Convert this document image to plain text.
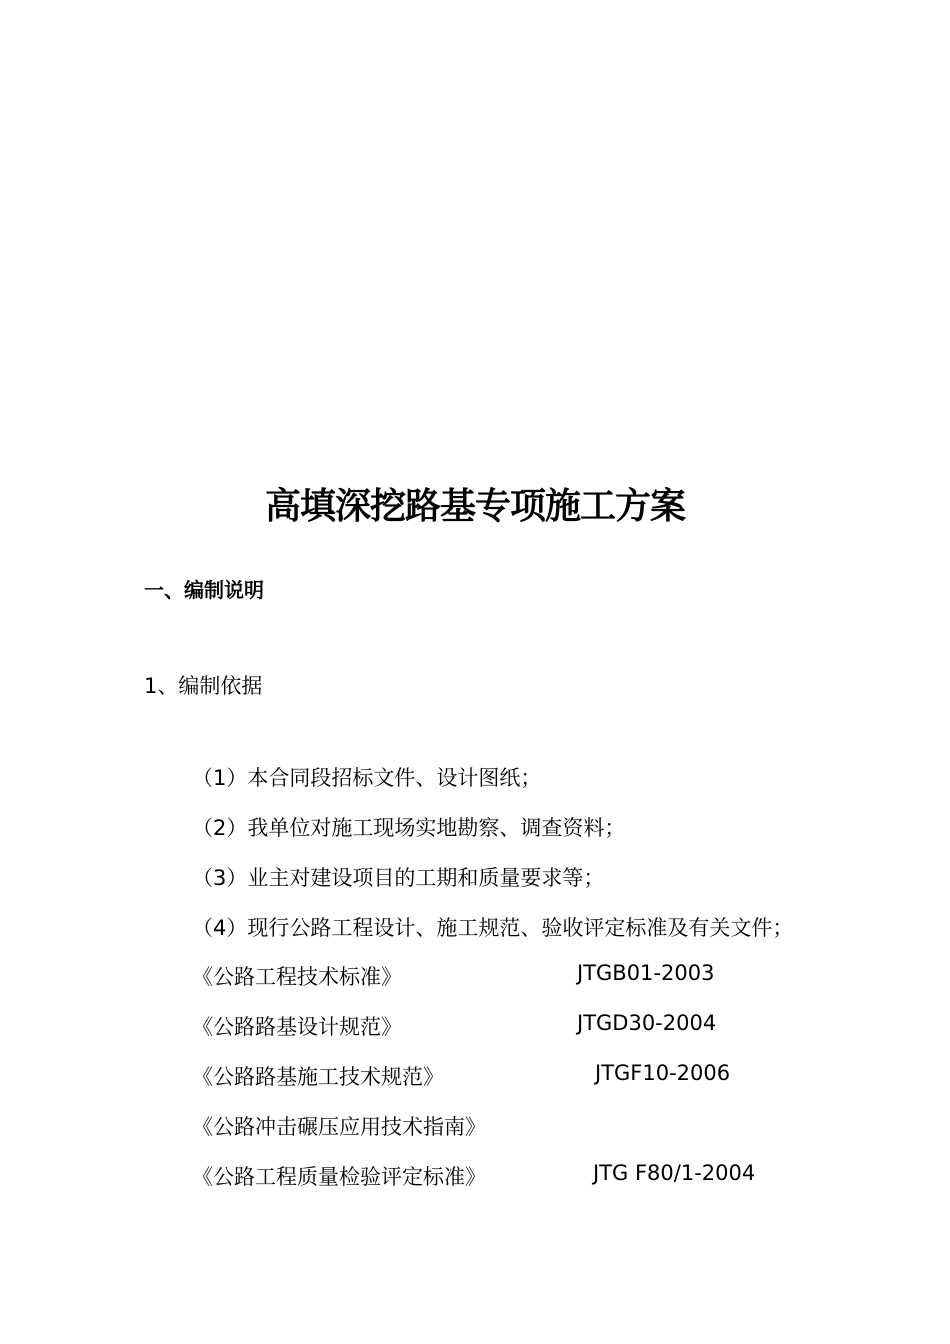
高填深挖路基专项施工方案
一、编制说明
1、编制依据
（1）本合同段招标文件、设计图纸；
（2）我单位对施工现场实地勘察、调查资料；
（3）业主对建设项目的工期和质量要求等；
（4）现行公路工程设计、施工规范、验收评定标准及有关文件；
《公路工程技术标准》	JTGB01-2003
《公路路基设计规范》	JTGD30-2004
《公路路基施工技术规范》	JTGF10-2006
《公路冲击碾压应用技术指南》
《公路工程质量检验评定标准》	JTG F80/1-2004
